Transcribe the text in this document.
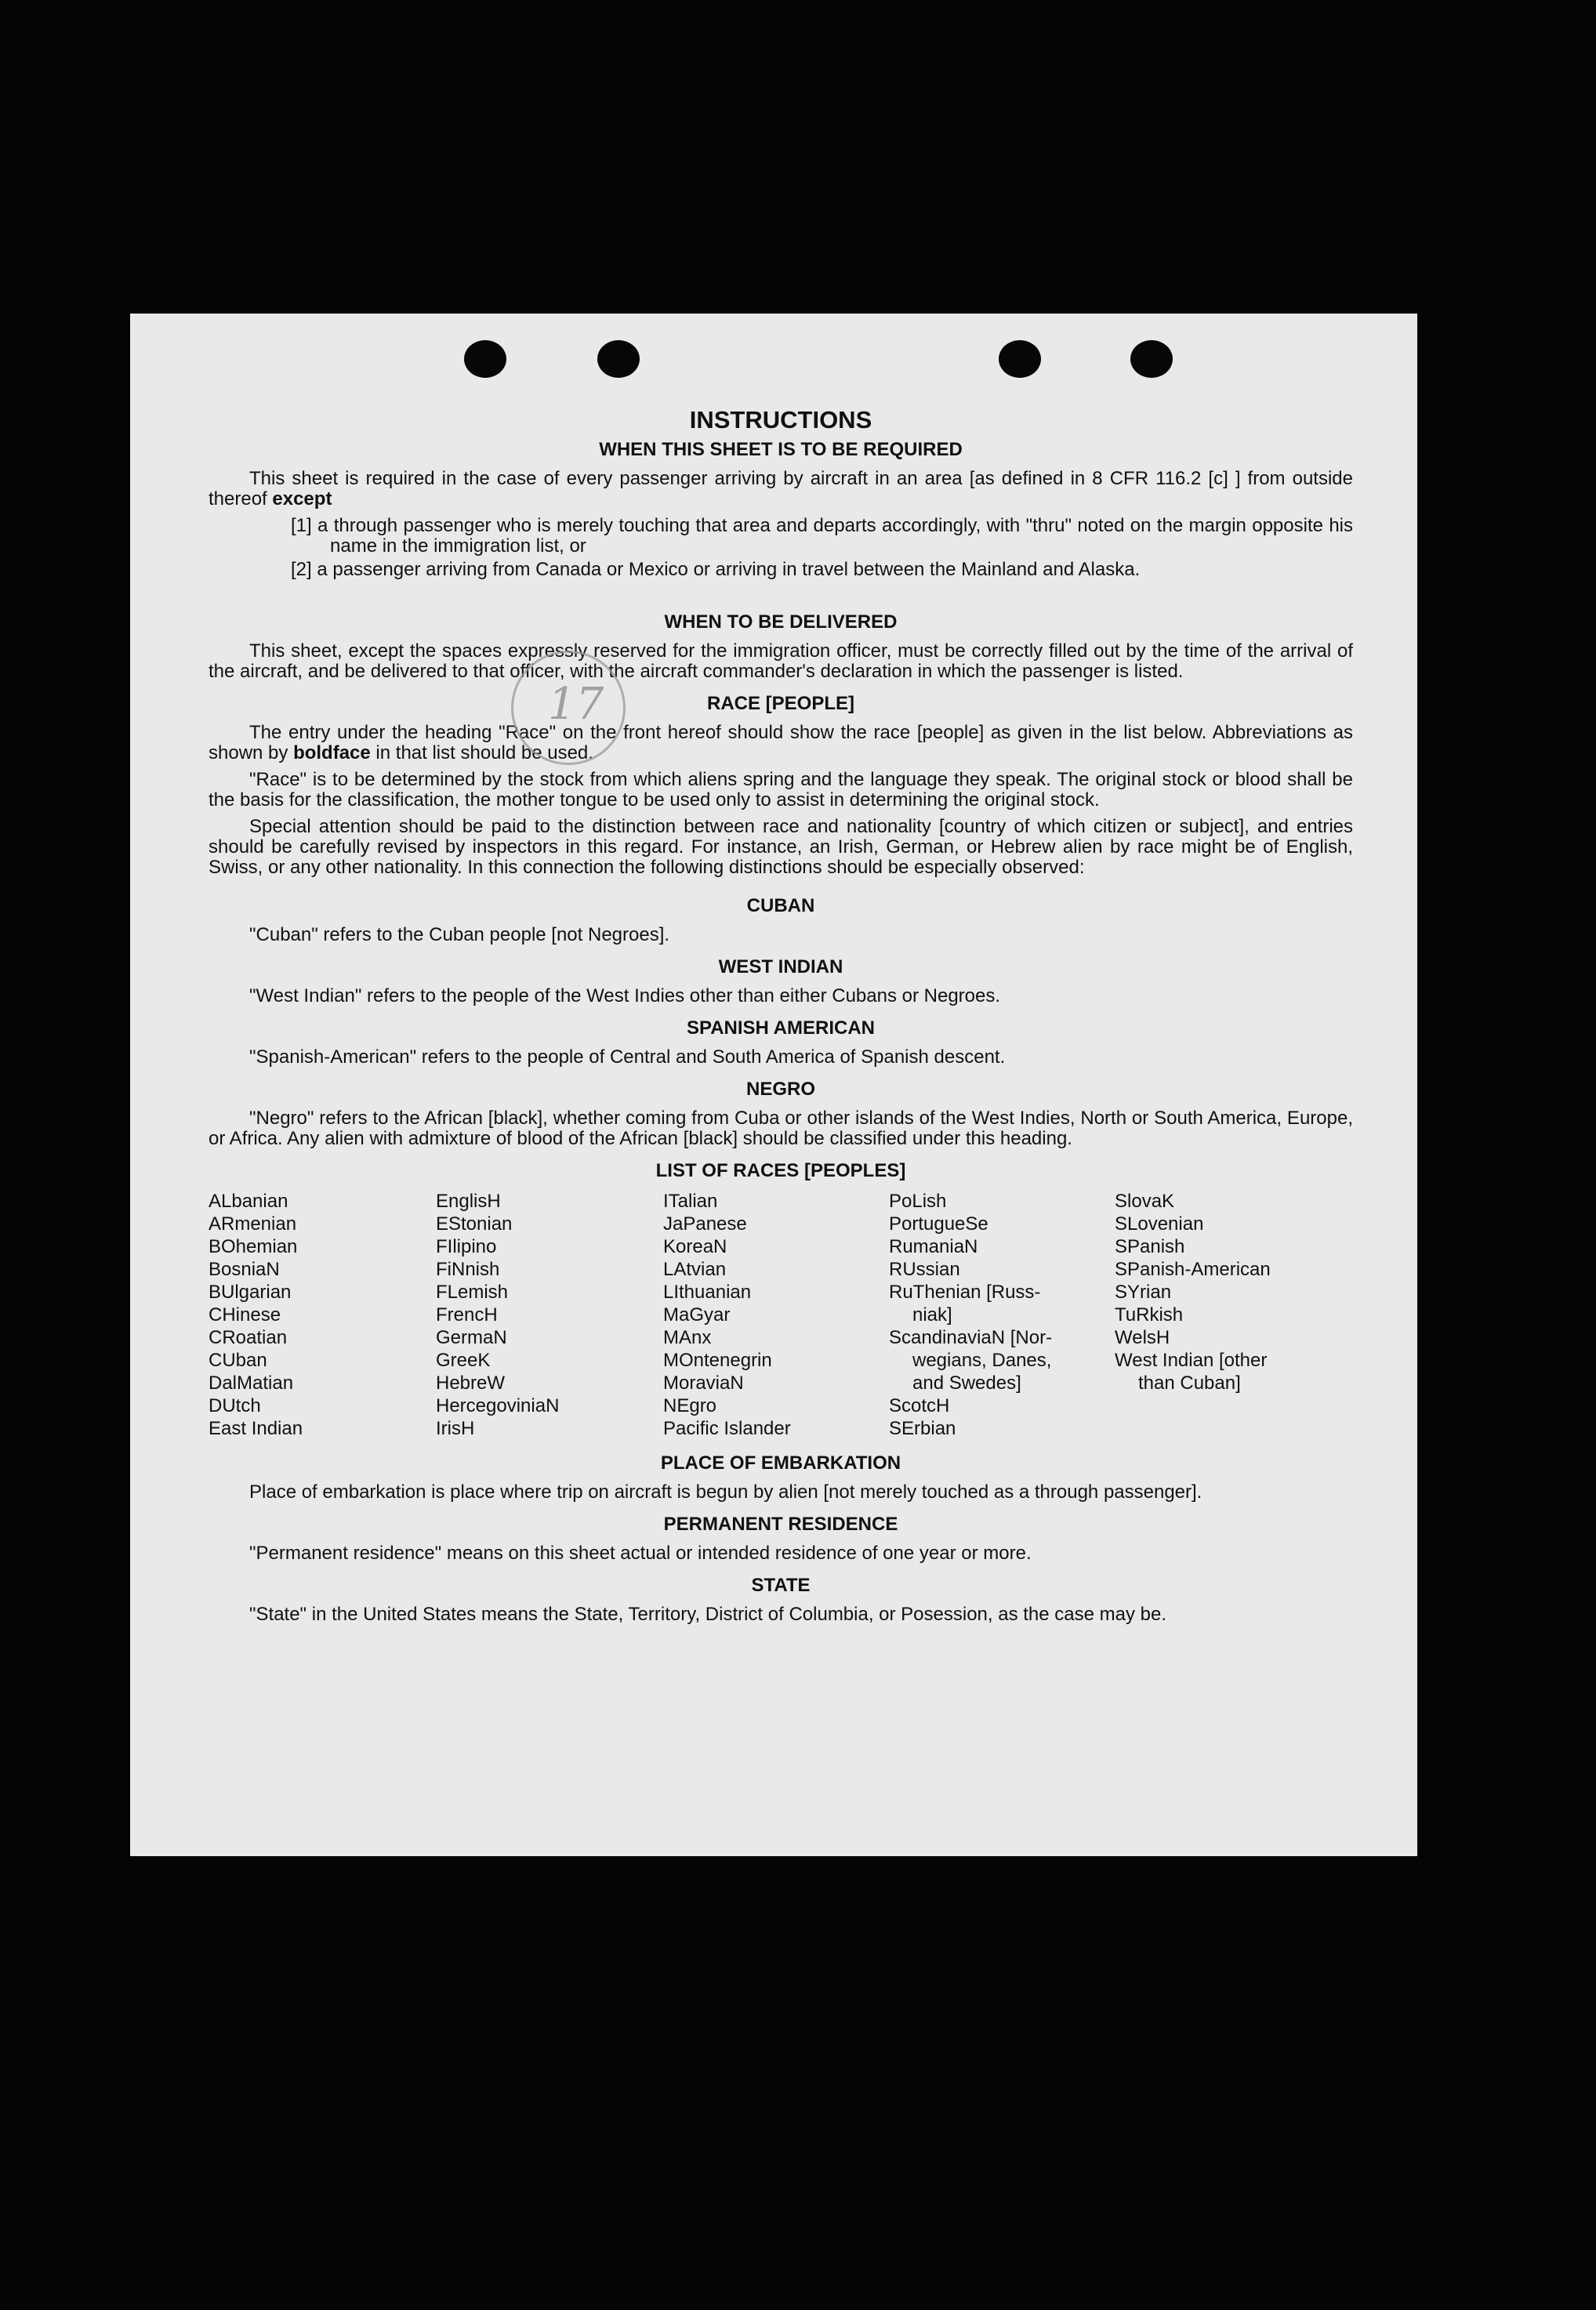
17
INSTRUCTIONS
WHEN THIS SHEET IS TO BE REQUIRED

This sheet is required in the case of every passenger arriving by aircraft in an area [as defined in 8 CFR 116.2 [c] ] from outside thereof except

[1] a through passenger who is merely touching that area and departs accordingly, with "thru" noted on the margin opposite his name in the immigration list, or
[2] a passenger arriving from Canada or Mexico or arriving in travel between the Mainland and Alaska.
WHEN TO BE DELIVERED

This sheet, except the spaces expressly reserved for the immigration officer, must be correctly filled out by the time of the arrival of the aircraft, and be delivered to that officer, with the aircraft commander's declaration in which the passenger is listed.

RACE [PEOPLE]

The entry under the heading "Race" on the front hereof should show the race [people] as given in the list below. Abbreviations as shown by boldface in that list should be used.

"Race" is to be determined by the stock from which aliens spring and the language they speak. The original stock or blood shall be the basis for the classification, the mother tongue to be used only to assist in determining the original stock.

Special attention should be paid to the distinction between race and nationality [country of which citizen or subject], and entries should be carefully revised by inspectors in this regard. For instance, an Irish, German, or Hebrew alien by race might be of English, Swiss, or any other nationality. In this connection the following distinctions should be especially observed:

CUBAN

"Cuban" refers to the Cuban people [not Negroes].

WEST INDIAN

"West Indian" refers to the people of the West Indies other than either Cubans or Negroes.

SPANISH AMERICAN

"Spanish-American" refers to the people of Central and South America of Spanish descent.

NEGRO

"Negro" refers to the African [black], whether coming from Cuba or other islands of the West Indies, North or South America, Europe, or Africa. Any alien with admixture of blood of the African [black] should be classified under this heading.

LIST OF RACES [PEOPLES]
ALbanian
ARmenian
BOhemian
BosniaN
BUlgarian
CHinese
CRoatian
CUban
DalMatian
DUtch
East Indian
EnglisH
EStonian
FIlipino
FiNnish
FLemish
FrencH
GermaN
GreeK
HebreW
HercegoviniaN
IrisH
ITalian
JaPanese
KoreaN
LAtvian
LIthuanian
MaGyar
MAnx
MOntenegrin
MoraviaN
NEgro
Pacific Islander
PoLish
PortugueSe
RumaniaN
RUssian
RuThenian [Russ-
niak]
ScandinaviaN [Nor-
wegians, Danes,
and Swedes]
ScotcH
SErbian
SlovaK
SLovenian
SPanish
SPanish-American
SYrian
TuRkish
WelsH
West Indian [other
than Cuban]
PLACE OF EMBARKATION

Place of embarkation is place where trip on aircraft is begun by alien [not merely touched as a through passenger].

PERMANENT RESIDENCE

"Permanent residence" means on this sheet actual or intended residence of one year or more.

STATE

"State" in the United States means the State, Territory, District of Columbia, or Posession, as the case may be.
